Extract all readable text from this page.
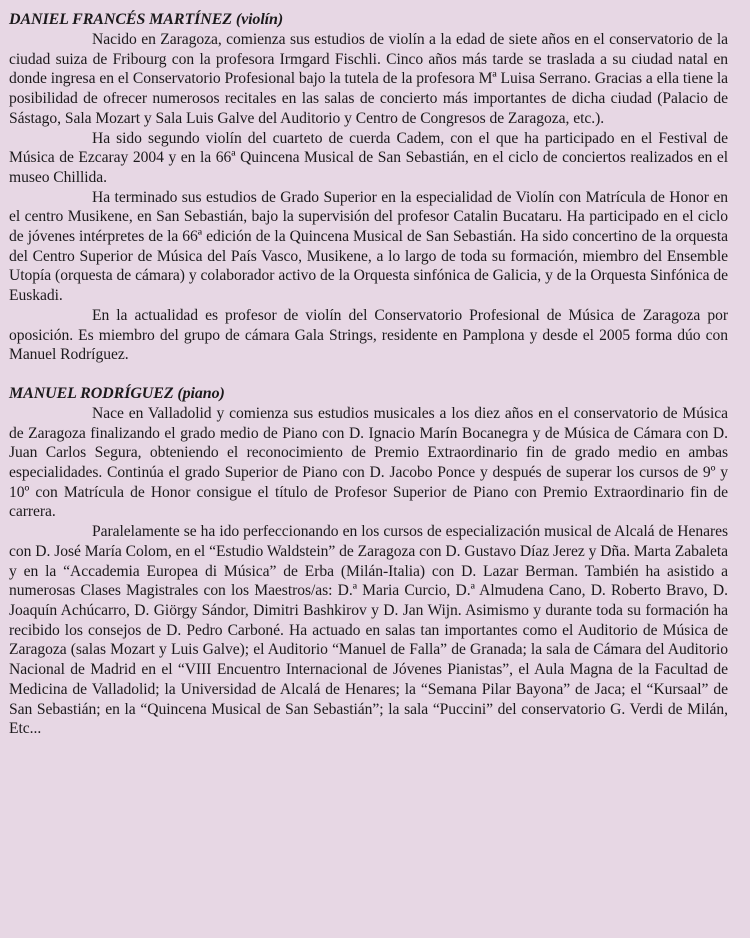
DANIEL FRANCÉS MARTÍNEZ (violín)

Nacido en Zaragoza, comienza sus estudios de violín a la edad de siete años en el conservatorio de la ciudad suiza de Fribourg con la profesora Irmgard Fischli. Cinco años más tarde se traslada a su ciudad natal en donde ingresa en el Conservatorio Profesional bajo la tutela de la profesora Mª Luisa Serrano. Gracias a ella tiene la posibilidad de ofrecer numerosos recitales en las salas de concierto más importantes de dicha ciudad (Palacio de Sástago, Sala Mozart y Sala Luis Galve del Auditorio y Centro de Congresos de Zaragoza, etc.).

Ha sido segundo violín del cuarteto de cuerda Cadem, con el que ha participado en el Festival de Música de Ezcaray 2004 y en la 66ª Quincena Musical de San Sebastián, en el ciclo de conciertos realizados en el museo Chillida.

Ha terminado sus estudios de Grado Superior en la especialidad de Violín con Matrícula de Honor en el centro Musikene, en San Sebastián, bajo la supervisión del profesor Catalin Bucataru. Ha participado en el ciclo de jóvenes intérpretes de la 66ª edición de la Quincena Musical de San Sebastián. Ha sido concertino de la orquesta del Centro Superior de Música del País Vasco, Musikene, a lo largo de toda su formación, miembro del Ensemble Utopía (orquesta de cámara) y colaborador activo de la Orquesta sinfónica de Galicia, y de la Orquesta Sinfónica de Euskadi.

En la actualidad es profesor de violín del Conservatorio Profesional de Música de Zaragoza por oposición. Es miembro del grupo de cámara Gala Strings, residente en Pamplona y desde el 2005 forma dúo con Manuel Rodríguez.

MANUEL RODRÍGUEZ (piano)

Nace en Valladolid y comienza sus estudios musicales a los diez años en el conservatorio de Música de Zaragoza finalizando el grado medio de Piano con D. Ignacio Marín Bocanegra y de Música de Cámara con D. Juan Carlos Segura, obteniendo el reconocimiento de Premio Extraordinario fin de grado medio en ambas especialidades. Continúa el grado Superior de Piano con D. Jacobo Ponce y después de superar los cursos de 9º y 10º con Matrícula de Honor consigue el título de Profesor Superior de Piano con Premio Extraordinario fin de carrera.

Paralelamente se ha ido perfeccionando en los cursos de especialización musical de Alcalá de Henares con D. José María Colom, en el “Estudio Waldstein” de Zaragoza con D. Gustavo Díaz Jerez y Dña. Marta Zabaleta y en la “Accademia Europea di Música” de Erba (Milán-Italia) con D. Lazar Berman. También ha asistido a numerosas Clases Magistrales con los Maestros/as: D.ª Maria Curcio, D.ª Almudena Cano, D. Roberto Bravo, D. Joaquín Achúcarro, D. Giörgy Sándor, Dimitri Bashkirov y D. Jan Wijn. Asimismo y durante toda su formación ha recibido los consejos de D. Pedro Carboné. Ha actuado en salas tan importantes como el Auditorio de Música de Zaragoza (salas Mozart y Luis Galve); el Auditorio “Manuel de Falla” de Granada; la sala de Cámara del Auditorio Nacional de Madrid en el “VIII Encuentro Internacional de Jóvenes Pianistas”, el Aula Magna de la Facultad de Medicina de Valladolid; la Universidad de Alcalá de Henares; la “Semana Pilar Bayona” de Jaca; el “Kursaal” de San Sebastián; en la “Quincena Musical de San Sebastián”; la sala “Puccini” del conservatorio G. Verdi de Milán, Etc...
